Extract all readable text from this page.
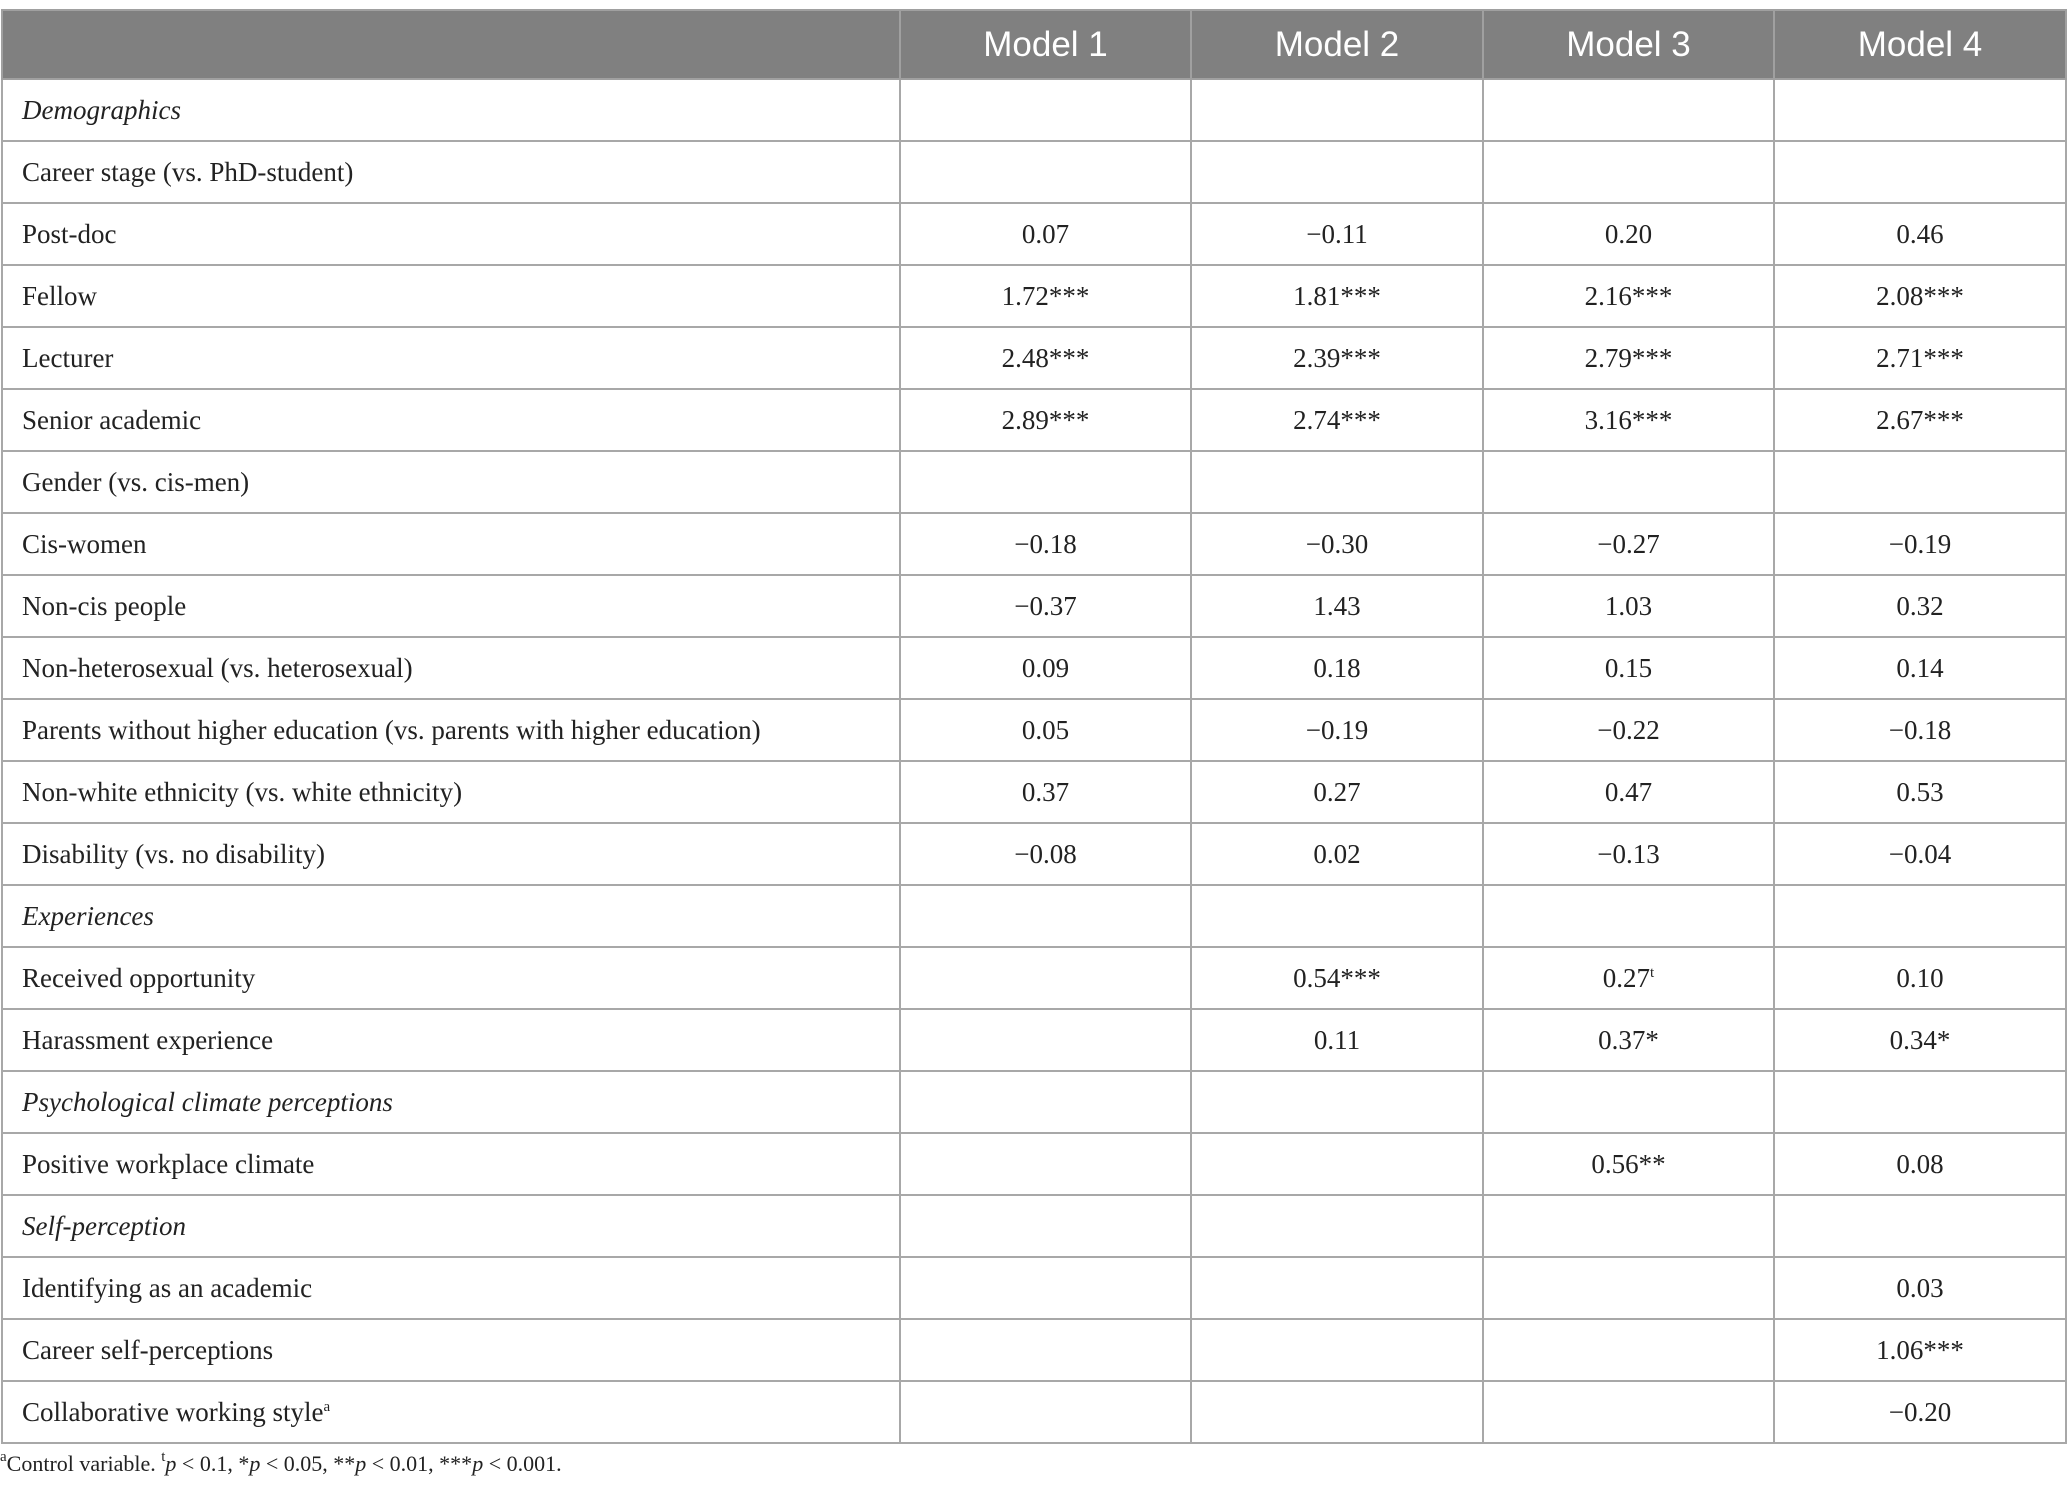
	Model 1	Model 2	Model 3	Model 4
Demographics				
Career stage (vs. PhD-student)				
Post-doc	0.07	−0.11	0.20	0.46
Fellow	1.72***	1.81***	2.16***	2.08***
Lecturer	2.48***	2.39***	2.79***	2.71***
Senior academic	2.89***	2.74***	3.16***	2.67***
Gender (vs. cis-men)				
Cis-women	−0.18	−0.30	−0.27	−0.19
Non-cis people	−0.37	1.43	1.03	0.32
Non-heterosexual (vs. heterosexual)	0.09	0.18	0.15	0.14
Parents without higher education (vs. parents with higher education)	0.05	−0.19	−0.22	−0.18
Non-white ethnicity (vs. white ethnicity)	0.37	0.27	0.47	0.53
Disability (vs. no disability)	−0.08	0.02	−0.13	−0.04
Experiences				
Received opportunity		0.54***	0.27$^t$	0.10
Harassment experience		0.11	0.37*	0.34*
Psychological climate perceptions				
Positive workplace climate			0.56**	0.08
Self-perception				
Identifying as an academic				0.03
Career self-perceptions				1.06***
Collaborative working style$^a$				−0.20
$^a$Control variable. $^t$p < 0.1, *p < 0.05, **p < 0.01, ***p < 0.001.
